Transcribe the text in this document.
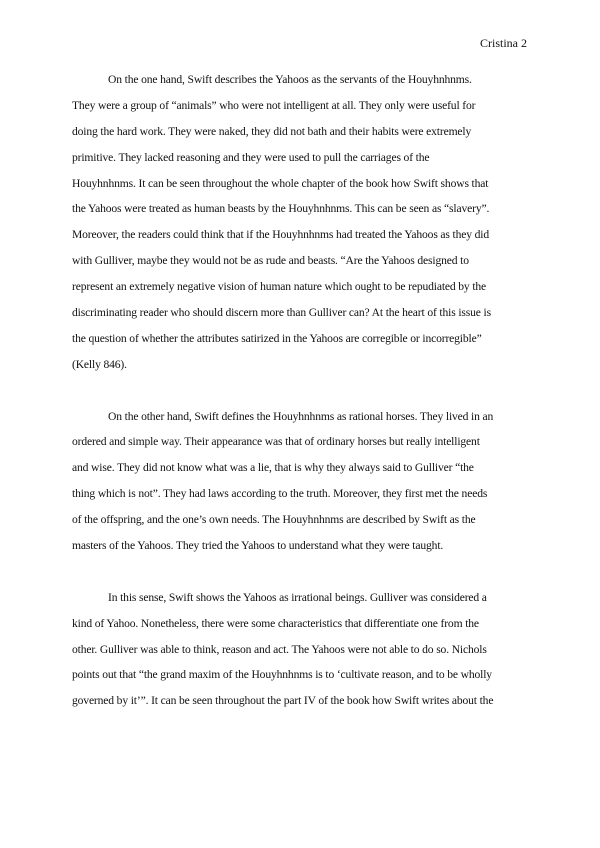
Cristina 2
On the one hand, Swift describes the Yahoos as the servants of the Houyhnhnms.
They were a group of “animals” who were not intelligent at all. They only were useful for
doing the hard work. They were naked, they did not bath and their habits were extremely
primitive. They lacked reasoning and they were used to pull the carriages of the
Houyhnhnms. It can be seen throughout the whole chapter of the book how Swift shows that
the Yahoos were treated as human beasts by the Houyhnhnms. This can be seen as “slavery”.
Moreover, the readers could think that if the Houyhnhnms had treated the Yahoos as they did
with Gulliver, maybe they would not be as rude and beasts. “Are the Yahoos designed to
represent an extremely negative vision of human nature which ought to be repudiated by the
discriminating reader who should discern more than Gulliver can? At the heart of this issue is
the question of whether the attributes satirized in the Yahoos are corregible or incorregible”
(Kelly 846).
On the other hand, Swift defines the Houyhnhnms as rational horses. They lived in an
ordered and simple way. Their appearance was that of ordinary horses but really intelligent
and wise. They did not know what was a lie, that is why they always said to Gulliver “the
thing which is not”. They had laws according to the truth. Moreover, they first met the needs
of the offspring, and the one’s own needs. The Houyhnhnms are described by Swift as the
masters of the Yahoos. They tried the Yahoos to understand what they were taught.
In this sense, Swift shows the Yahoos as irrational beings. Gulliver was considered a
kind of Yahoo. Nonetheless, there were some characteristics that differentiate one from the
other. Gulliver was able to think, reason and act. The Yahoos were not able to do so. Nichols
points out that “the grand maxim of the Houyhnhnms is to ‘cultivate reason, and to be wholly
governed by it’”. It can be seen throughout the part IV of the book how Swift writes about the
